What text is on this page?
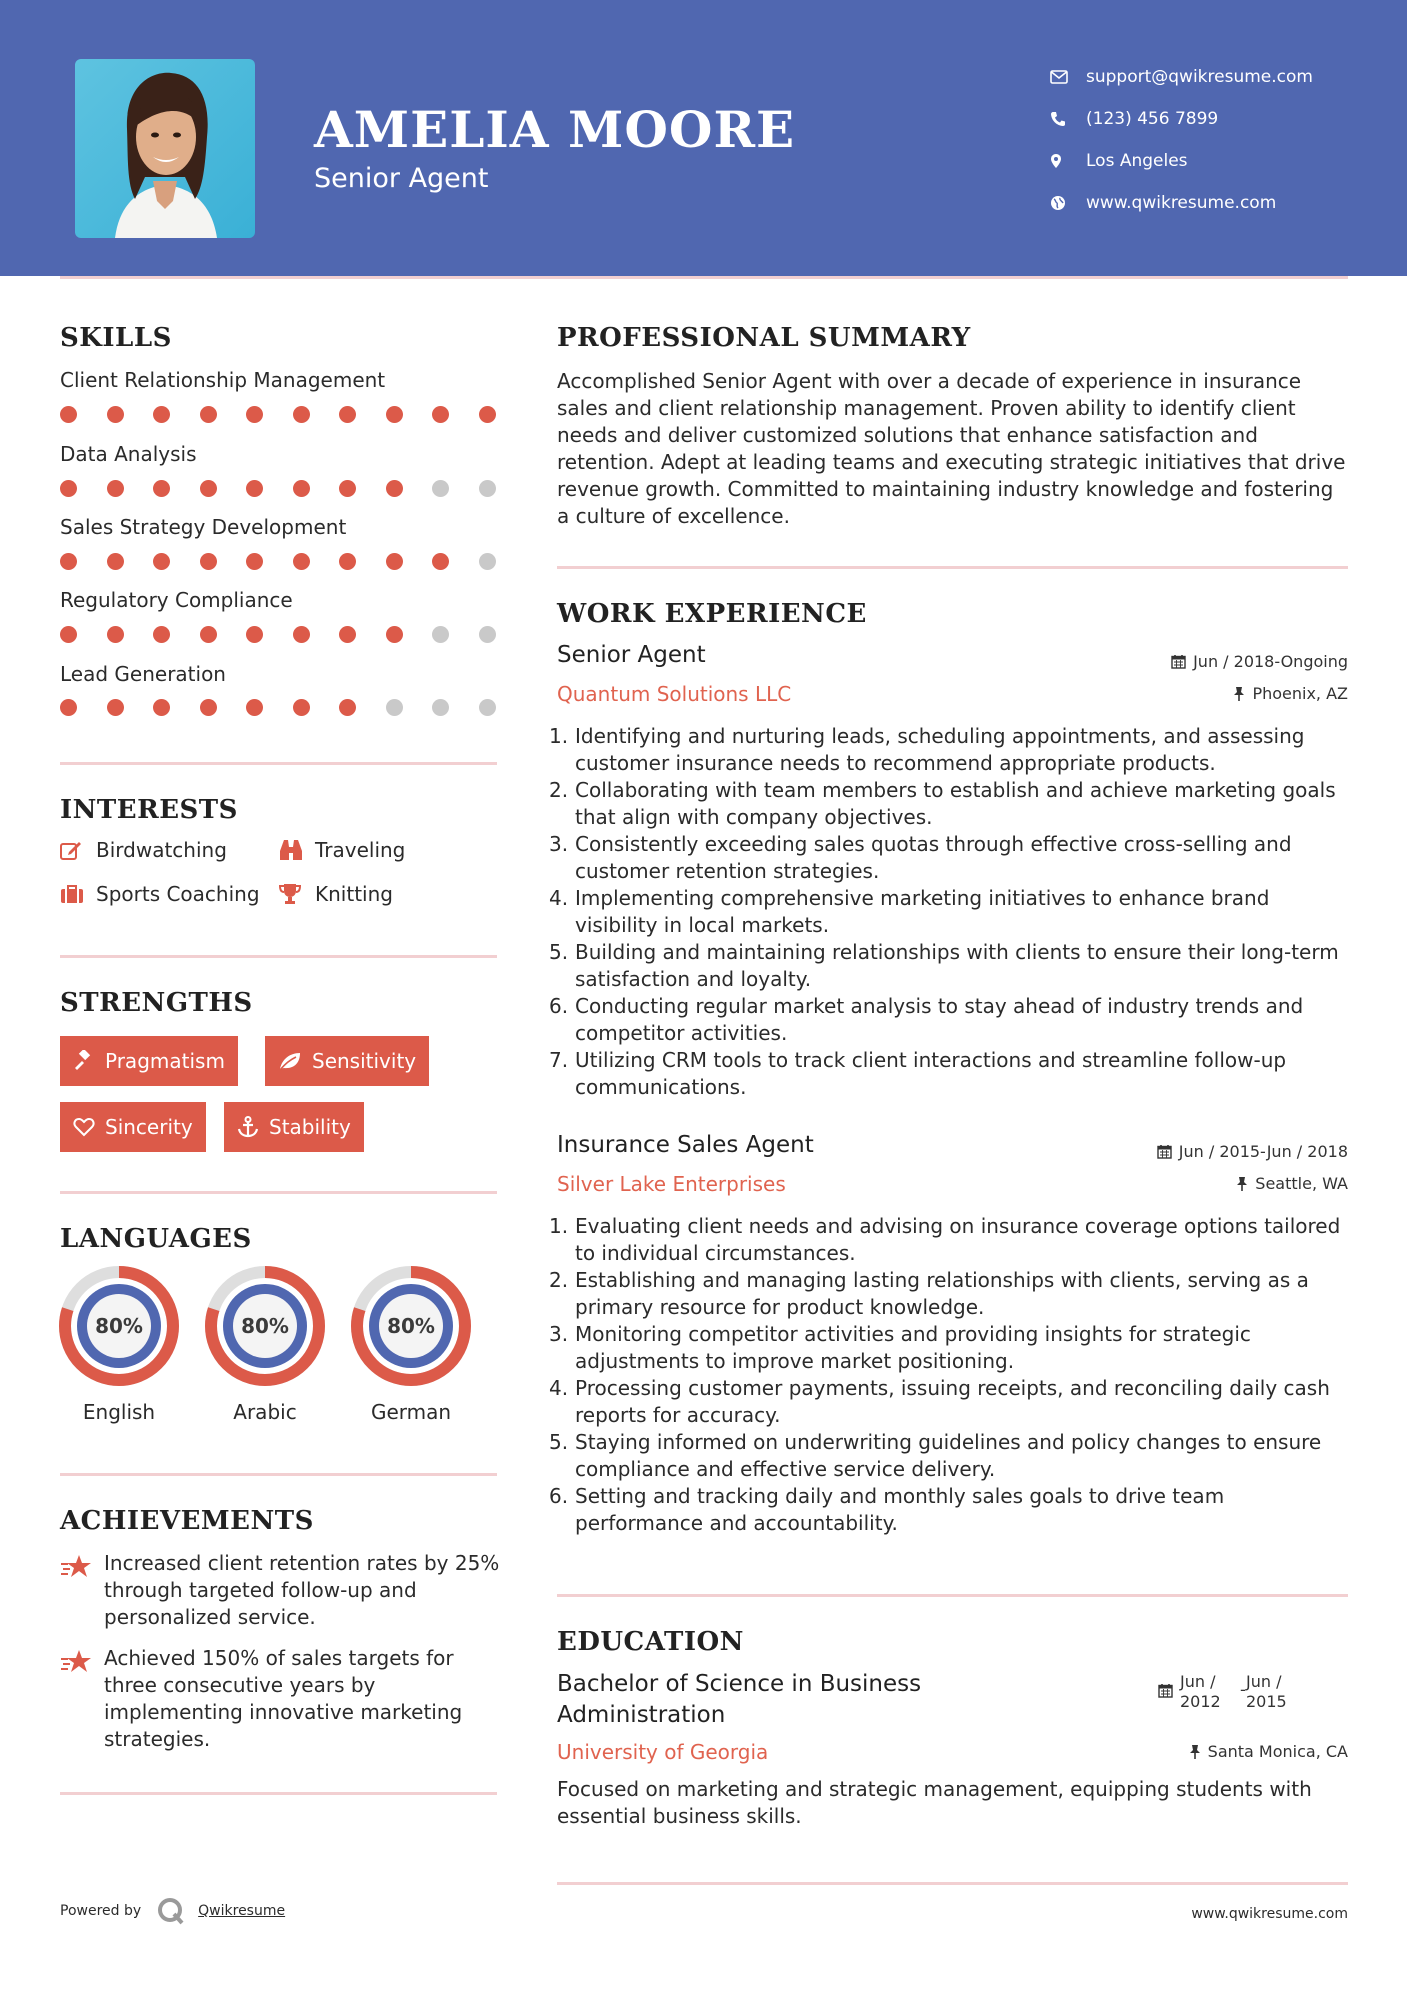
AMELIA MOORE
Senior Agent
support@qwikresume.com
(123) 456 7899
Los Angeles
www.qwikresume.com
SKILLS
Client Relationship Management
Data Analysis
Sales Strategy Development
Regulatory Compliance
Lead Generation
INTERESTS
Birdwatching	Traveling
Sports Coaching	Knitting
STRENGTHS
Pragmatism	Sensitivity
Sincerity	Stability
LANGUAGES
80%
English
80%
Arabic
80%
German
ACHIEVEMENTS
Increased client retention rates by 25% through targeted follow-up and personalized service.
Achieved 150% of sales targets for three consecutive years by implementing innovative marketing strategies.
PROFESSIONAL SUMMARY
Accomplished Senior Agent with over a decade of experience in insurance sales and client relationship management. Proven ability to identify client needs and deliver customized solutions that enhance satisfaction and retention. Adept at leading teams and executing strategic initiatives that drive revenue growth. Committed to maintaining industry knowledge and fostering a culture of excellence.
WORK EXPERIENCE
Senior Agent	Jun / 2018-Ongoing
Quantum Solutions LLC	Phoenix, AZ
1. Identifying and nurturing leads, scheduling appointments, and assessing customer insurance needs to recommend appropriate products.
2. Collaborating with team members to establish and achieve marketing goals that align with company objectives.
3. Consistently exceeding sales quotas through effective cross-selling and customer retention strategies.
4. Implementing comprehensive marketing initiatives to enhance brand visibility in local markets.
5. Building and maintaining relationships with clients to ensure their long-term satisfaction and loyalty.
6. Conducting regular market analysis to stay ahead of industry trends and competitor activities.
7. Utilizing CRM tools to track client interactions and streamline follow-up communications.
Insurance Sales Agent	Jun / 2015-Jun / 2018
Silver Lake Enterprises	Seattle, WA
1. Evaluating client needs and advising on insurance coverage options tailored to individual circumstances.
2. Establishing and managing lasting relationships with clients, serving as a primary resource for product knowledge.
3. Monitoring competitor activities and providing insights for strategic adjustments to improve market positioning.
4. Processing customer payments, issuing receipts, and reconciling daily cash reports for accuracy.
5. Staying informed on underwriting guidelines and policy changes to ensure compliance and effective service delivery.
6. Setting and tracking daily and monthly sales goals to drive team performance and accountability.
EDUCATION
Bachelor of Science in Business
Administration
Jun /
2012
- Jun /
2015
University of Georgia	Santa Monica, CA
Focused on marketing and strategic management, equipping students with essential business skills.
Powered by	Qwikresume	www.qwikresume.com
